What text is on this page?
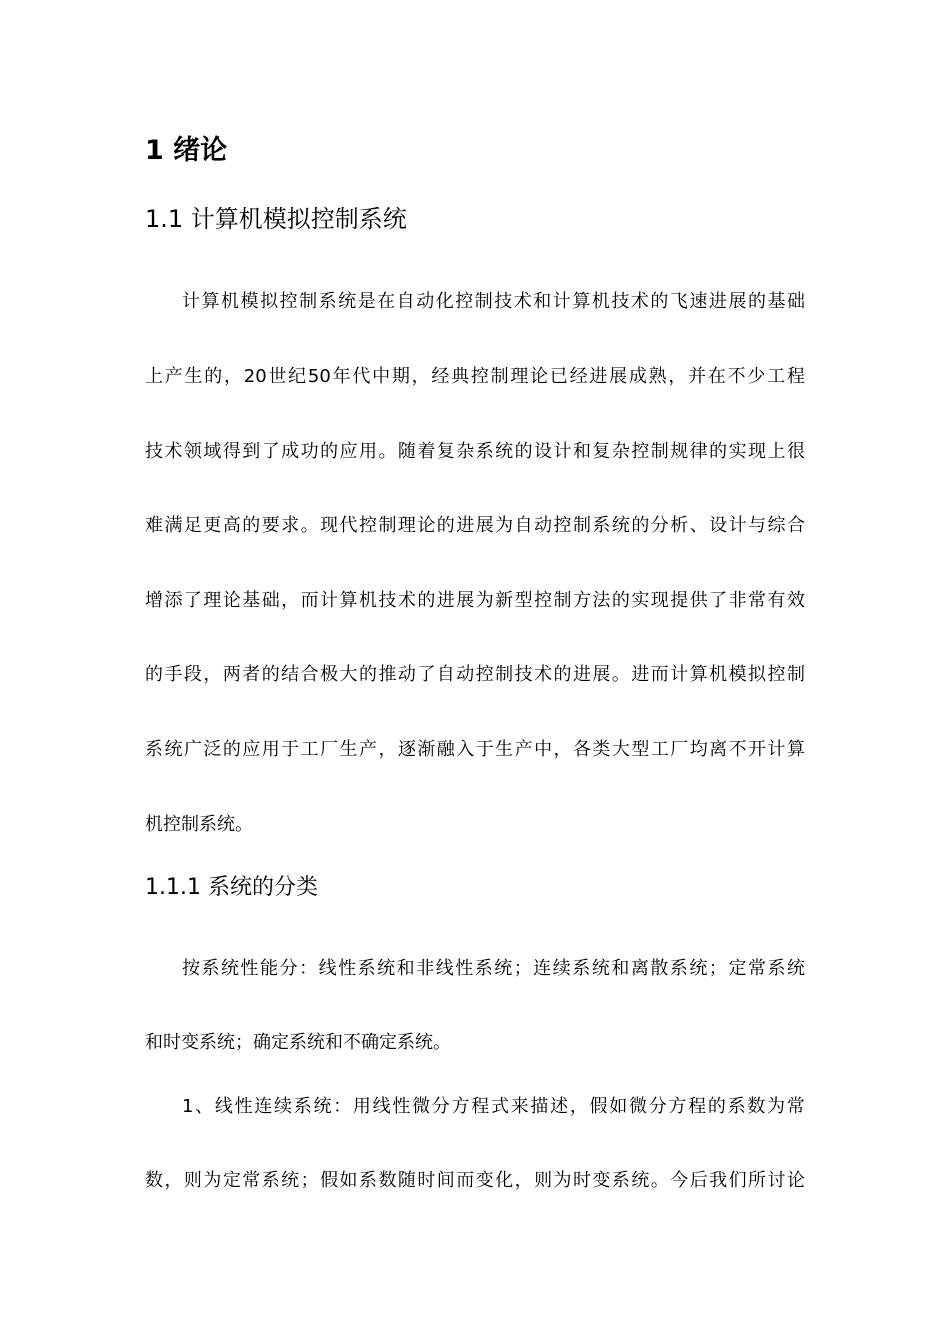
1 绪论
1.1 计算机模拟控制系统
计 算 机 模 拟 控 制 系 统 是 在 自 动 化 控 制 技 术 和 计 算 机 技 术 的 飞 速 进 展 的 基 础
上 产 生 的 ， 20 世 纪 50 年 代 中 期 ， 经 典 控 制 理 论 已 经 进 展 成 熟 ， 并 在 不 少 工 程
技 术 领 域 得 到 了 成 功 的 应 用 。 随 着 复 杂 系 统 的 设 计 和 复 杂 控 制 规 律 的 实 现 上 很
难 满 足 更 高 的 要 求 。 现 代 控 制 理 论 的 进 展 为 自 动 控 制 系 统 的 分 析 、 设 计 与 综 合
增 添 了 理 论 基 础 ， 而 计 算 机 技 术 的 进 展 为 新 型 控 制 方 法 的 实 现 提 供 了 非 常 有 效
的 手 段 ， 两 者 的 结 合 极 大 的 推 动 了 自 动 控 制 技 术 的 进 展 。 进 而 计 算 机 模 拟 控 制
系 统 广 泛 的 应 用 于 工 厂 生 产 ， 逐 渐 融 入 于 生 产 中 ， 各 类 大 型 工 厂 均 离 不 开 计 算
机控制系统。
1.1.1 系统的分类
按 系 统 性 能 分 ： 线 性 系 统 和 非 线 性 系 统 ； 连 续 系 统 和 离 散 系 统 ； 定 常 系 统
和时变系统；确定系统和不确定系统。
1 、 线 性 连 续 系 统 ： 用 线 性 微 分 方 程 式 来 描 述 ， 假 如 微 分 方 程 的 系 数 为 常
数 ， 则 为 定 常 系 统 ； 假 如 系 数 随 时 间 而 变 化 ， 则 为 时 变 系 统 。 今 后 我 们 所 讨 论
